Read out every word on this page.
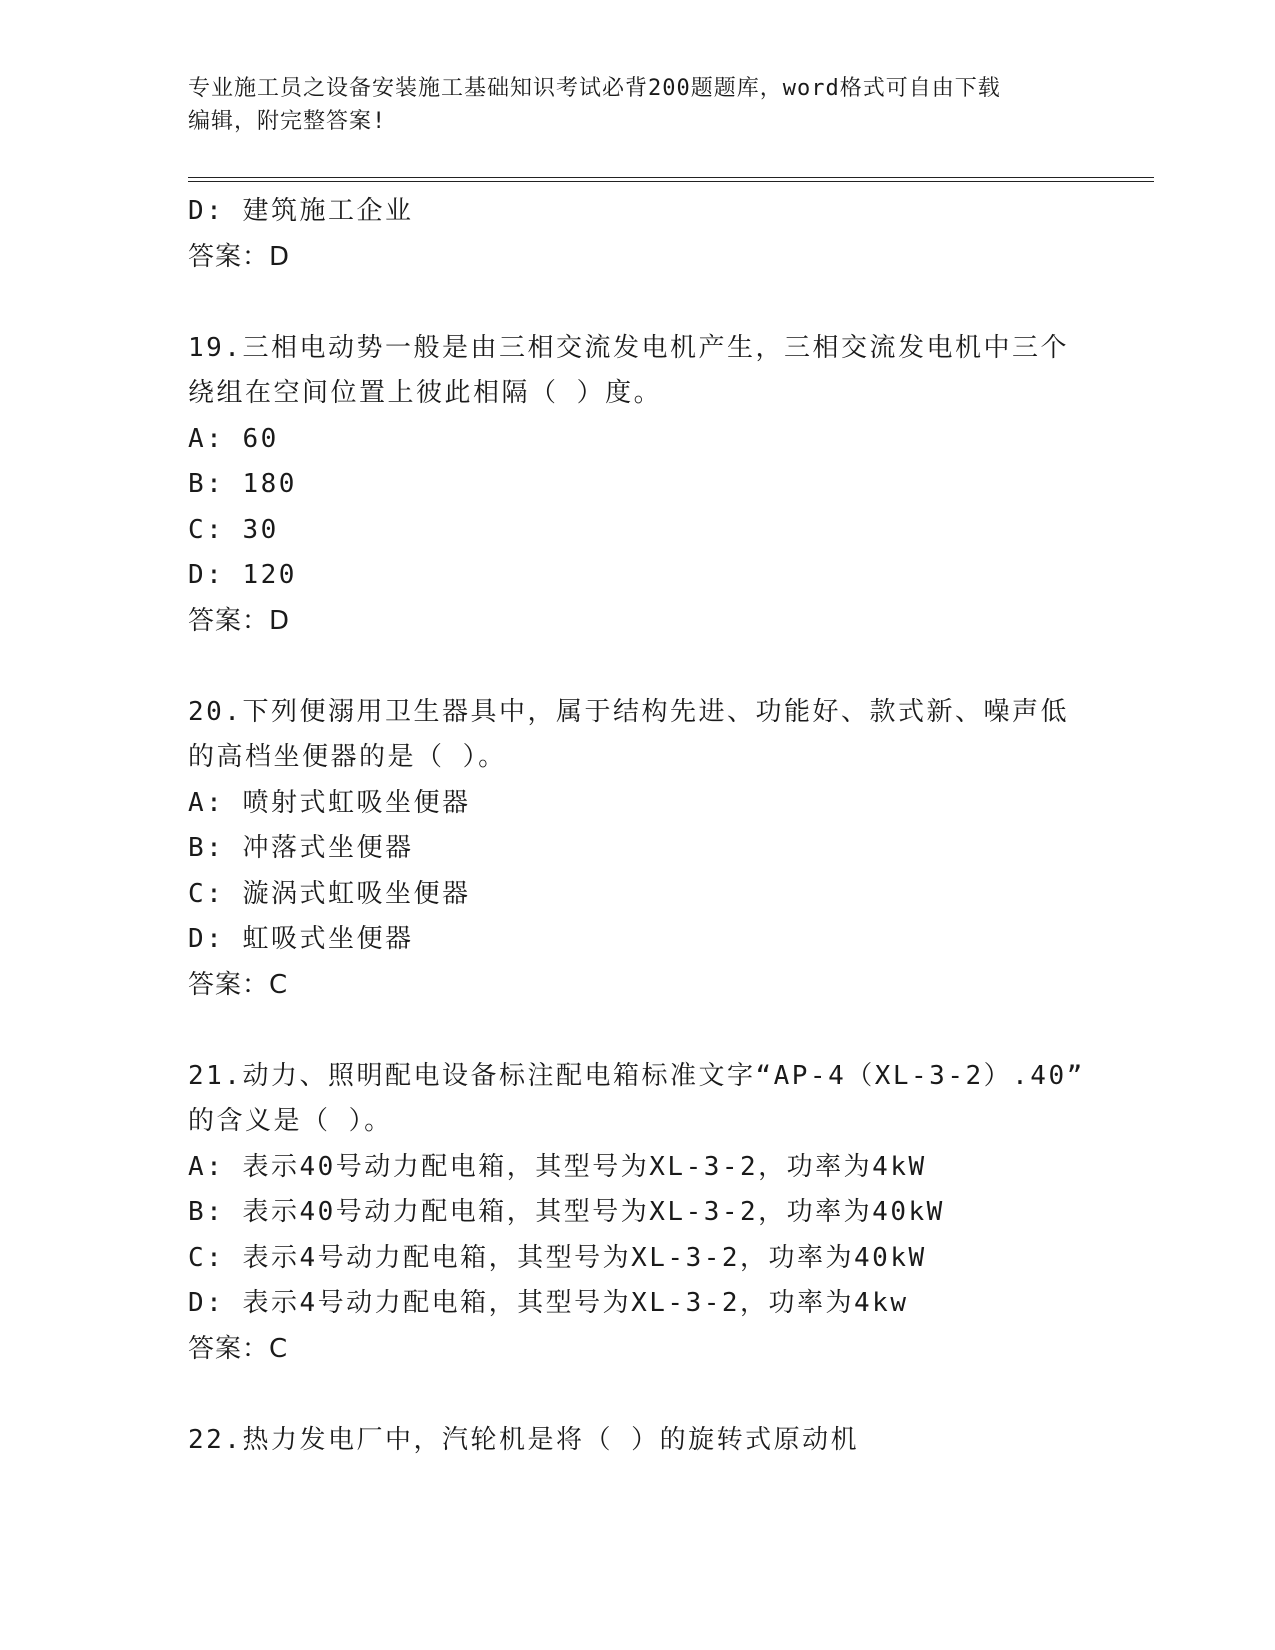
专业施工员之设备安装施工基础知识考试必背200题题库，word格式可自由下载
编辑，附完整答案!
D: 建筑施工企业
答案：D
19.三相电动势一般是由三相交流发电机产生，三相交流发电机中三个
绕组在空间位置上彼此相隔（ ）度。
A: 60
B: 180
C: 30
D: 120
答案：D
20.下列便溺用卫生器具中，属于结构先进、功能好、款式新、噪声低
的高档坐便器的是（ ）。
A: 喷射式虹吸坐便器
B: 冲落式坐便器
C: 漩涡式虹吸坐便器
D: 虹吸式坐便器
答案：C
21.动力、照明配电设备标注配电箱标准文字“AP-4（XL-3-2）.40”
的含义是（ ）。
A: 表示40号动力配电箱，其型号为XL-3-2，功率为4kW
B: 表示40号动力配电箱，其型号为XL-3-2，功率为40kW
C: 表示4号动力配电箱，其型号为XL-3-2，功率为40kW
D: 表示4号动力配电箱，其型号为XL-3-2，功率为4kw
答案：C
22.热力发电厂中，汽轮机是将（ ）的旋转式原动机
